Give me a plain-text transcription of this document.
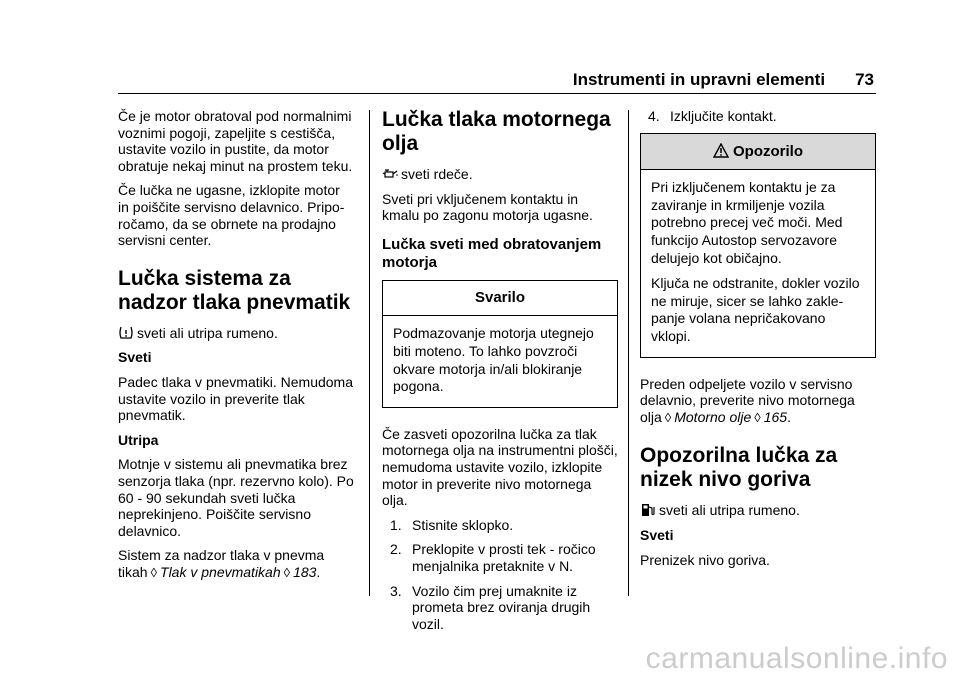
Instrumenti in upravni elementi 73

Če je motor obratoval pod normalnimi voznimi pogoji, zapeljite s cestišča, ustavite vozilo in pustite, da motor obratuje nekaj minut na prostem teku.

Če lučka ne ugasne, izklopite motor in poiščite servisno delavnico. Priporočamo, da se obrnete na prodajno servisni center.

Lučka sistema za nadzor tlaka pnevmatik

sveti ali utripa rumeno.

Sveti

Padec tlaka v pnevmatiki. Nemudoma ustavite vozilo in preverite tlak pnevmatik.

Utripa

Motnje v sistemu ali pnevmatika brez senzorja tlaka (npr. rezervno kolo). Po 60 - 90 sekundah sveti lučka neprekinjeno. Poiščite servisno delavnico.

Sistem za nadzor tlaka v pnevma
tikah ◊ Tlak v pnevmatikah ◊ 183.

Lučka tlaka motornega olja

sveti rdeče.

Sveti pri vključenem kontaktu in kmalu po zagonu motorja ugasne.

Lučka sveti med obratovanjem motorja
Svarilo

Podmazovanje motorja utegnejo biti moteno. To lahko povzroči okvare motorja in/ali blokiranje pogona.

Če zasveti opozorilna lučka za tlak motornega olja na instrumentni plošči, nemudoma ustavite vozilo, izklopite motor in preverite nivo motornega olja.

1. Stisnite sklopko.
2. Preklopite v prosti tek - ročico menjalnika pretaknite v N.
3. Vozilo čim prej umaknite iz prometa brez oviranja drugih vozil.
4. Izključite kontakt.
Opozorilo

Pri izključenem kontaktu je za zaviranje in krmiljenje vozila potrebno precej več moči. Med funkcijo Autostop servozavore delujejo kot običajno.

Ključa ne odstranite, dokler vozilo ne miruje, sicer se lahko zaklepanje volana nepričakovano vklopi.

Preden odpeljete vozilo v servisno delavnio, preverite nivo motornega
olja ◊ Motorno olje ◊ 165.

Opozorilna lučka za nizek nivo goriva

sveti ali utripa rumeno.

Sveti

Prenizek nivo goriva.

carmanualsonline.info
